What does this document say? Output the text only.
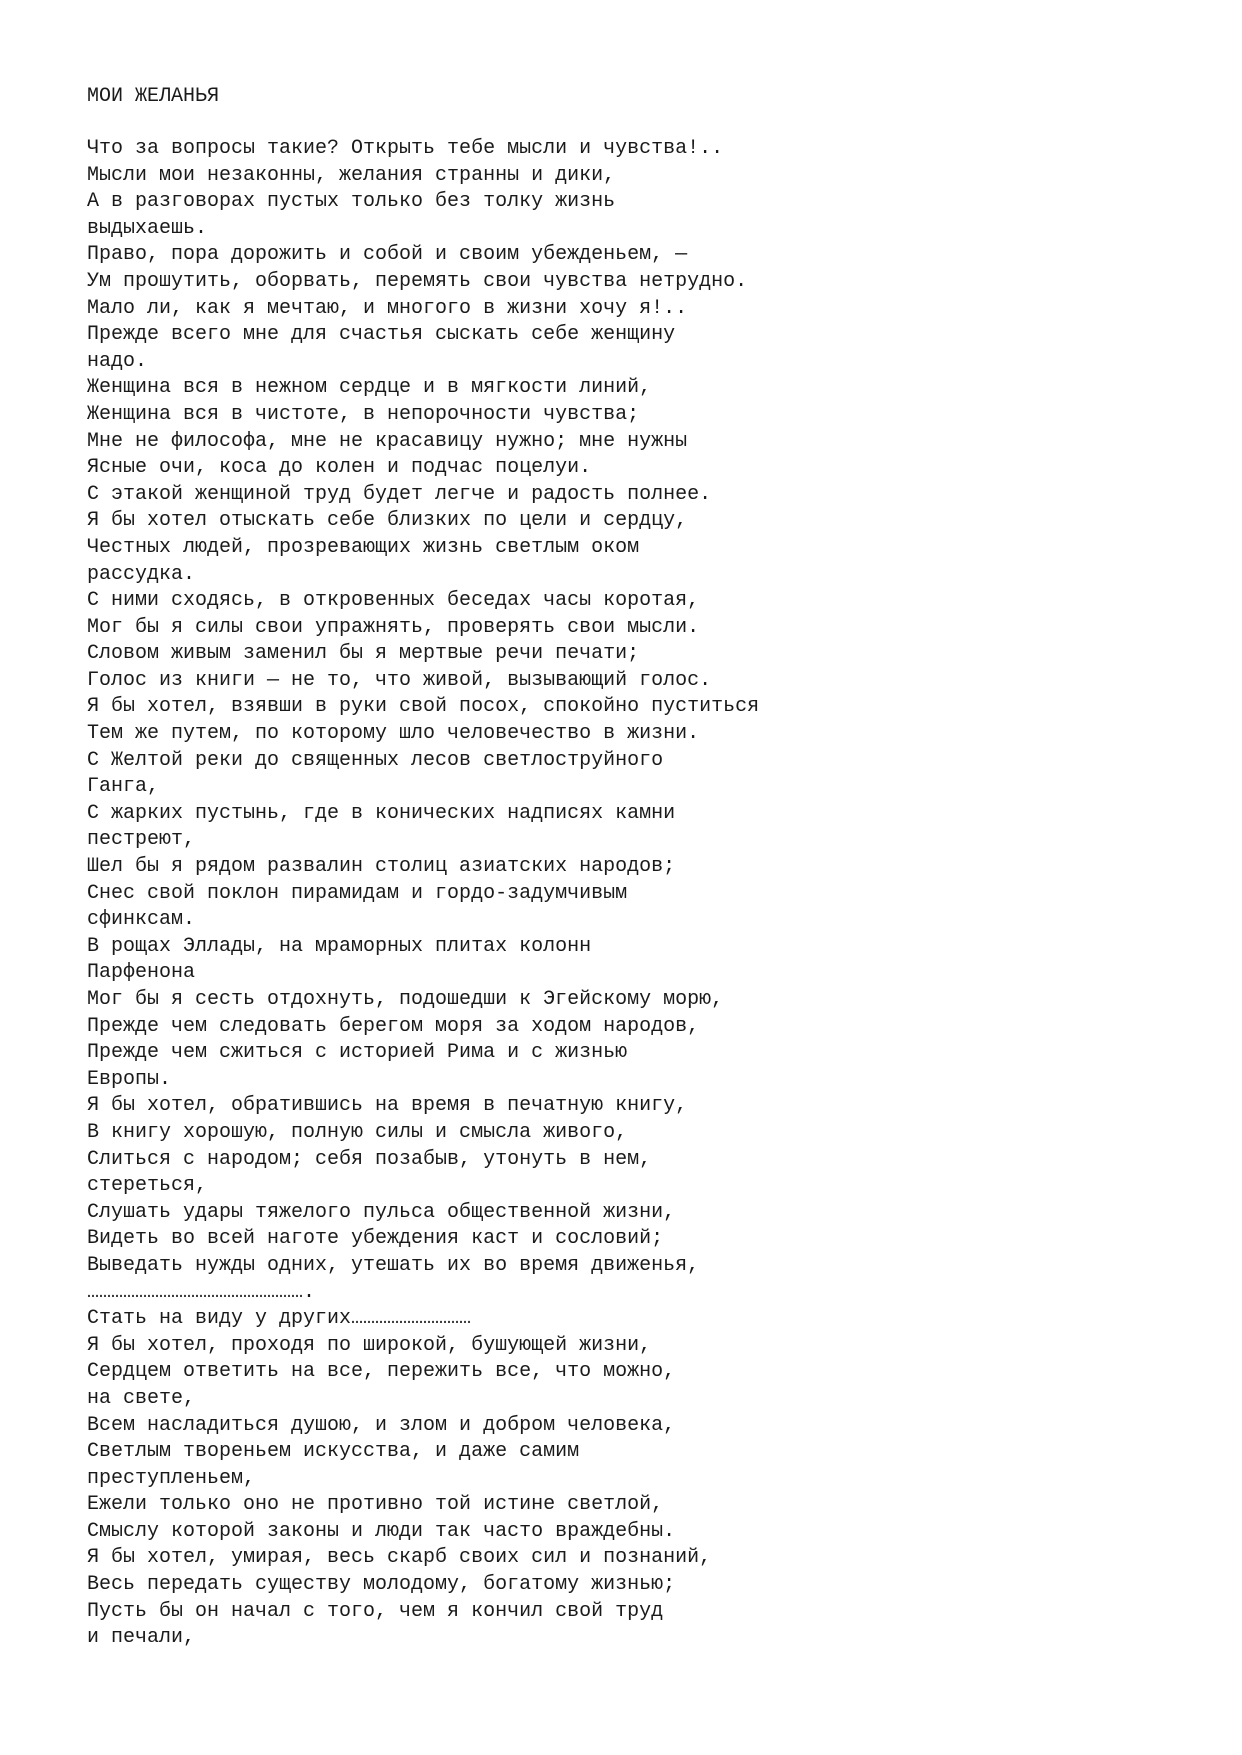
МОИ ЖЕЛАНЬЯ
Что за вопросы такие? Открыть тебе мысли и чувства!..
Мысли мои незаконны, желания странны и дики,
А в разговорах пустых только без толку жизнь
выдыхаешь.
Право, пора дорожить и собой и своим убежденьем, —
Ум прошутить, оборвать, перемять свои чувства нетрудно.
Мало ли, как я мечтаю, и многого в жизни хочу я!..
Прежде всего мне для счастья сыскать себе женщину
надо.
Женщина вся в нежном сердце и в мягкости линий,
Женщина вся в чистоте, в непорочности чувства;
Мне не философа, мне не красавицу нужно; мне нужны
Ясные очи, коса до колен и подчас поцелуи.
С этакой женщиной труд будет легче и радость полнее.
Я бы хотел отыскать себе близких по цели и сердцу,
Честных людей, прозревающих жизнь светлым оком
рассудка.
С ними сходясь, в откровенных беседах часы коротая,
Мог бы я силы свои упражнять, проверять свои мысли.
Словом живым заменил бы я мертвые речи печати;
Голос из книги — не то, что живой, вызывающий голос.
Я бы хотел, взявши в руки свой посох, спокойно пуститься
Тем же путем, по которому шло человечество в жизни.
С Желтой реки до священных лесов светлоструйного
Ганга,
С жарких пустынь, где в конических надписях камни
пестреют,
Шел бы я рядом развалин столиц азиатских народов;
Снес свой поклон пирамидам и гордо-задумчивым
сфинксам.
В рощах Эллады, на мраморных плитах колонн
Парфенона
Мог бы я сесть отдохнуть, подошедши к Эгейскому морю,
Прежде чем следовать берегом моря за ходом народов,
Прежде чем сжиться с историей Рима и с жизнью
Европы.
Я бы хотел, обратившись на время в печатную книгу,
В книгу хорошую, полную силы и смысла живого,
Слиться с народом; себя позабыв, утонуть в нем,
стереться,
Слушать удары тяжелого пульса общественной жизни,
Видеть во всей наготе убеждения каст и сословий;
Выведать нужды одних, утешать их во время движенья,
……………………………………………….
Стать на виду у других…………………………
Я бы хотел, проходя по широкой, бушующей жизни,
Сердцем ответить на все, пережить все, что можно,
на свете,
Всем насладиться душою, и злом и добром человека,
Светлым твореньем искусства, и даже самим
преступленьем,
Ежели только оно не противно той истине светлой,
Смыслу которой законы и люди так часто враждебны.
Я бы хотел, умирая, весь скарб своих сил и познаний,
Весь передать существу молодому, богатому жизнью;
Пусть бы он начал с того, чем я кончил свой труд
и печали,
